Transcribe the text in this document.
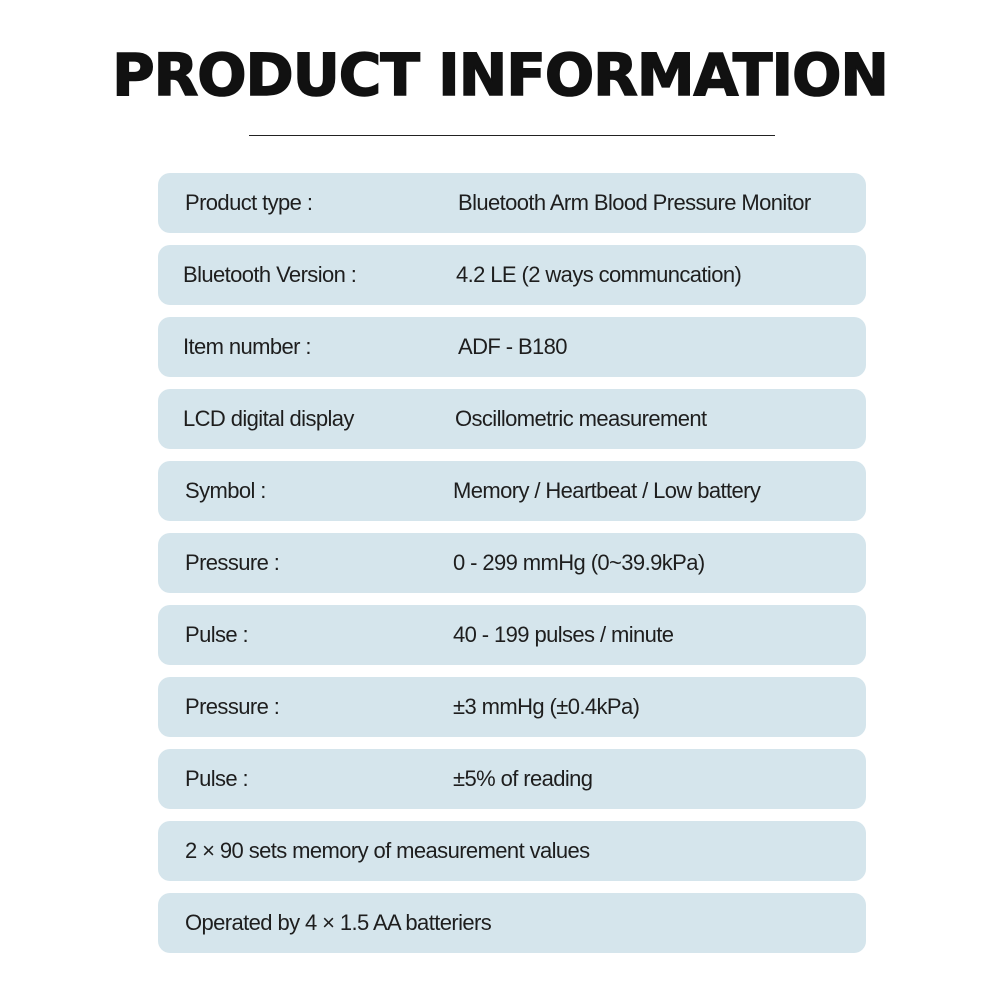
PRODUCT INFORMATION
Product type :	Bluetooth Arm Blood Pressure Monitor
Bluetooth Version :	4.2 LE (2 ways communcation)
Item number :	ADF - B180
LCD digital display	Oscillometric measurement
Symbol :	Memory / Heartbeat / Low battery
Pressure :	0 - 299 mmHg (0~39.9kPa)
Pulse :	40 - 199 pulses / minute
Pressure :	±3 mmHg (±0.4kPa)
Pulse :	±5% of reading
2 × 90 sets memory of measurement values
Operated by 4 × 1.5 AA batteriers
